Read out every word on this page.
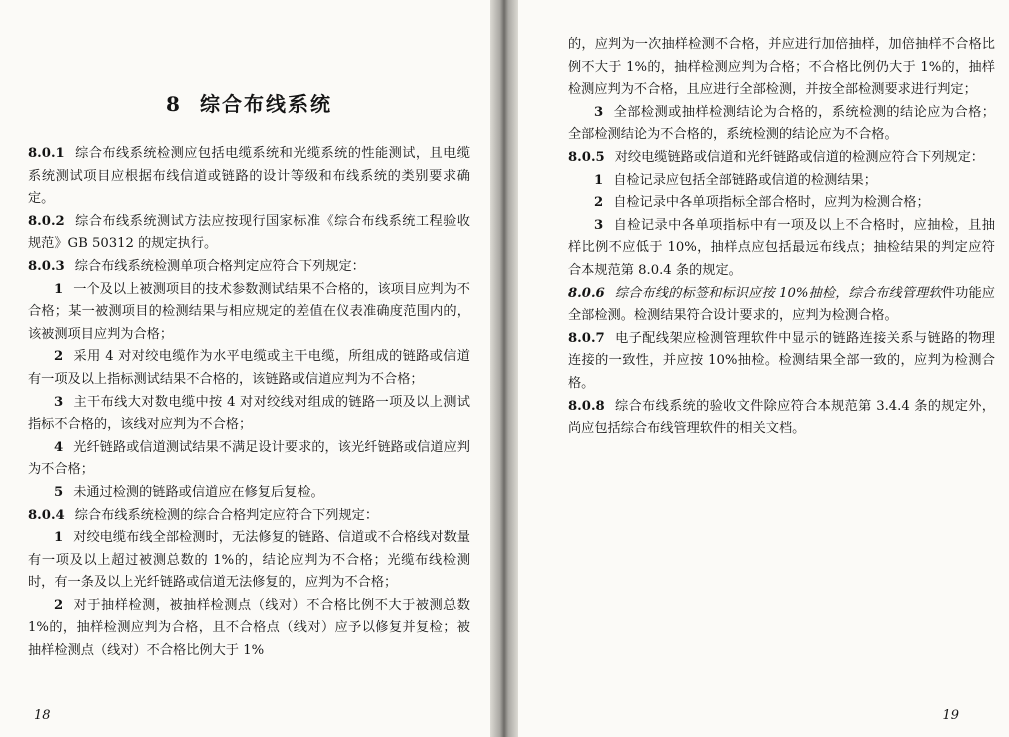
8 综合布线系统

8.0.1 综合布线系统检测应包括电缆系统和光缆系统的性能测试，且电缆系统测试项目应根据布线信道或链路的设计等级和布线系统的类别要求确定。

8.0.2 综合布线系统测试方法应按现行国家标准《综合布线系统工程验收规范》GB 50312 的规定执行。

8.0.3 综合布线系统检测单项合格判定应符合下列规定：

1 一个及以上被测项目的技术参数测试结果不合格的，该项目应判为不合格；某一被测项目的检测结果与相应规定的差值在仪表准确度范围内的，该被测项目应判为合格；

2 采用 4 对对绞电缆作为水平电缆或主干电缆，所组成的链路或信道有一项及以上指标测试结果不合格的，该链路或信道应判为不合格；

3 主干布线大对数电缆中按 4 对对绞线对组成的链路一项及以上测试指标不合格的，该线对应判为不合格；

4 光纤链路或信道测试结果不满足设计要求的，该光纤链路或信道应判为不合格；

5 未通过检测的链路或信道应在修复后复检。

8.0.4 综合布线系统检测的综合合格判定应符合下列规定：

1 对绞电缆布线全部检测时，无法修复的链路、信道或不合格线对数量有一项及以上超过被测总数的 1%的，结论应判为不合格；光缆布线检测时，有一条及以上光纤链路或信道无法修复的，应判为不合格；

2 对于抽样检测，被抽样检测点（线对）不合格比例不大于被测总数 1%的，抽样检测应判为合格，且不合格点（线对）应予以修复并复检；被抽样检测点（线对）不合格比例大于 1%

18

的，应判为一次抽样检测不合格，并应进行加倍抽样，加倍抽样不合格比例不大于 1%的，抽样检测应判为合格；不合格比例仍大于 1%的，抽样检测应判为不合格，且应进行全部检测，并按全部检测要求进行判定；

3 全部检测或抽样检测结论为合格的，系统检测的结论应为合格；全部检测结论为不合格的，系统检测的结论应为不合格。

8.0.5 对绞电缆链路或信道和光纤链路或信道的检测应符合下列规定：

1 自检记录应包括全部链路或信道的检测结果；

2 自检记录中各单项指标全部合格时，应判为检测合格；

3 自检记录中各单项指标中有一项及以上不合格时，应抽检，且抽样比例不应低于 10%，抽样点应包括最远布线点；抽检结果的判定应符合本规范第 8.0.4 条的规定。

8.0.6 综合布线的标签和标识应按 10%抽检，综合布线管理软件功能应全部检测。检测结果符合设计要求的，应判为检测合格。

8.0.7 电子配线架应检测管理软件中显示的链路连接关系与链路的物理连接的一致性，并应按 10%抽检。检测结果全部一致的，应判为检测合格。

8.0.8 综合布线系统的验收文件除应符合本规范第 3.4.4 条的规定外，尚应包括综合布线管理软件的相关文档。

19
